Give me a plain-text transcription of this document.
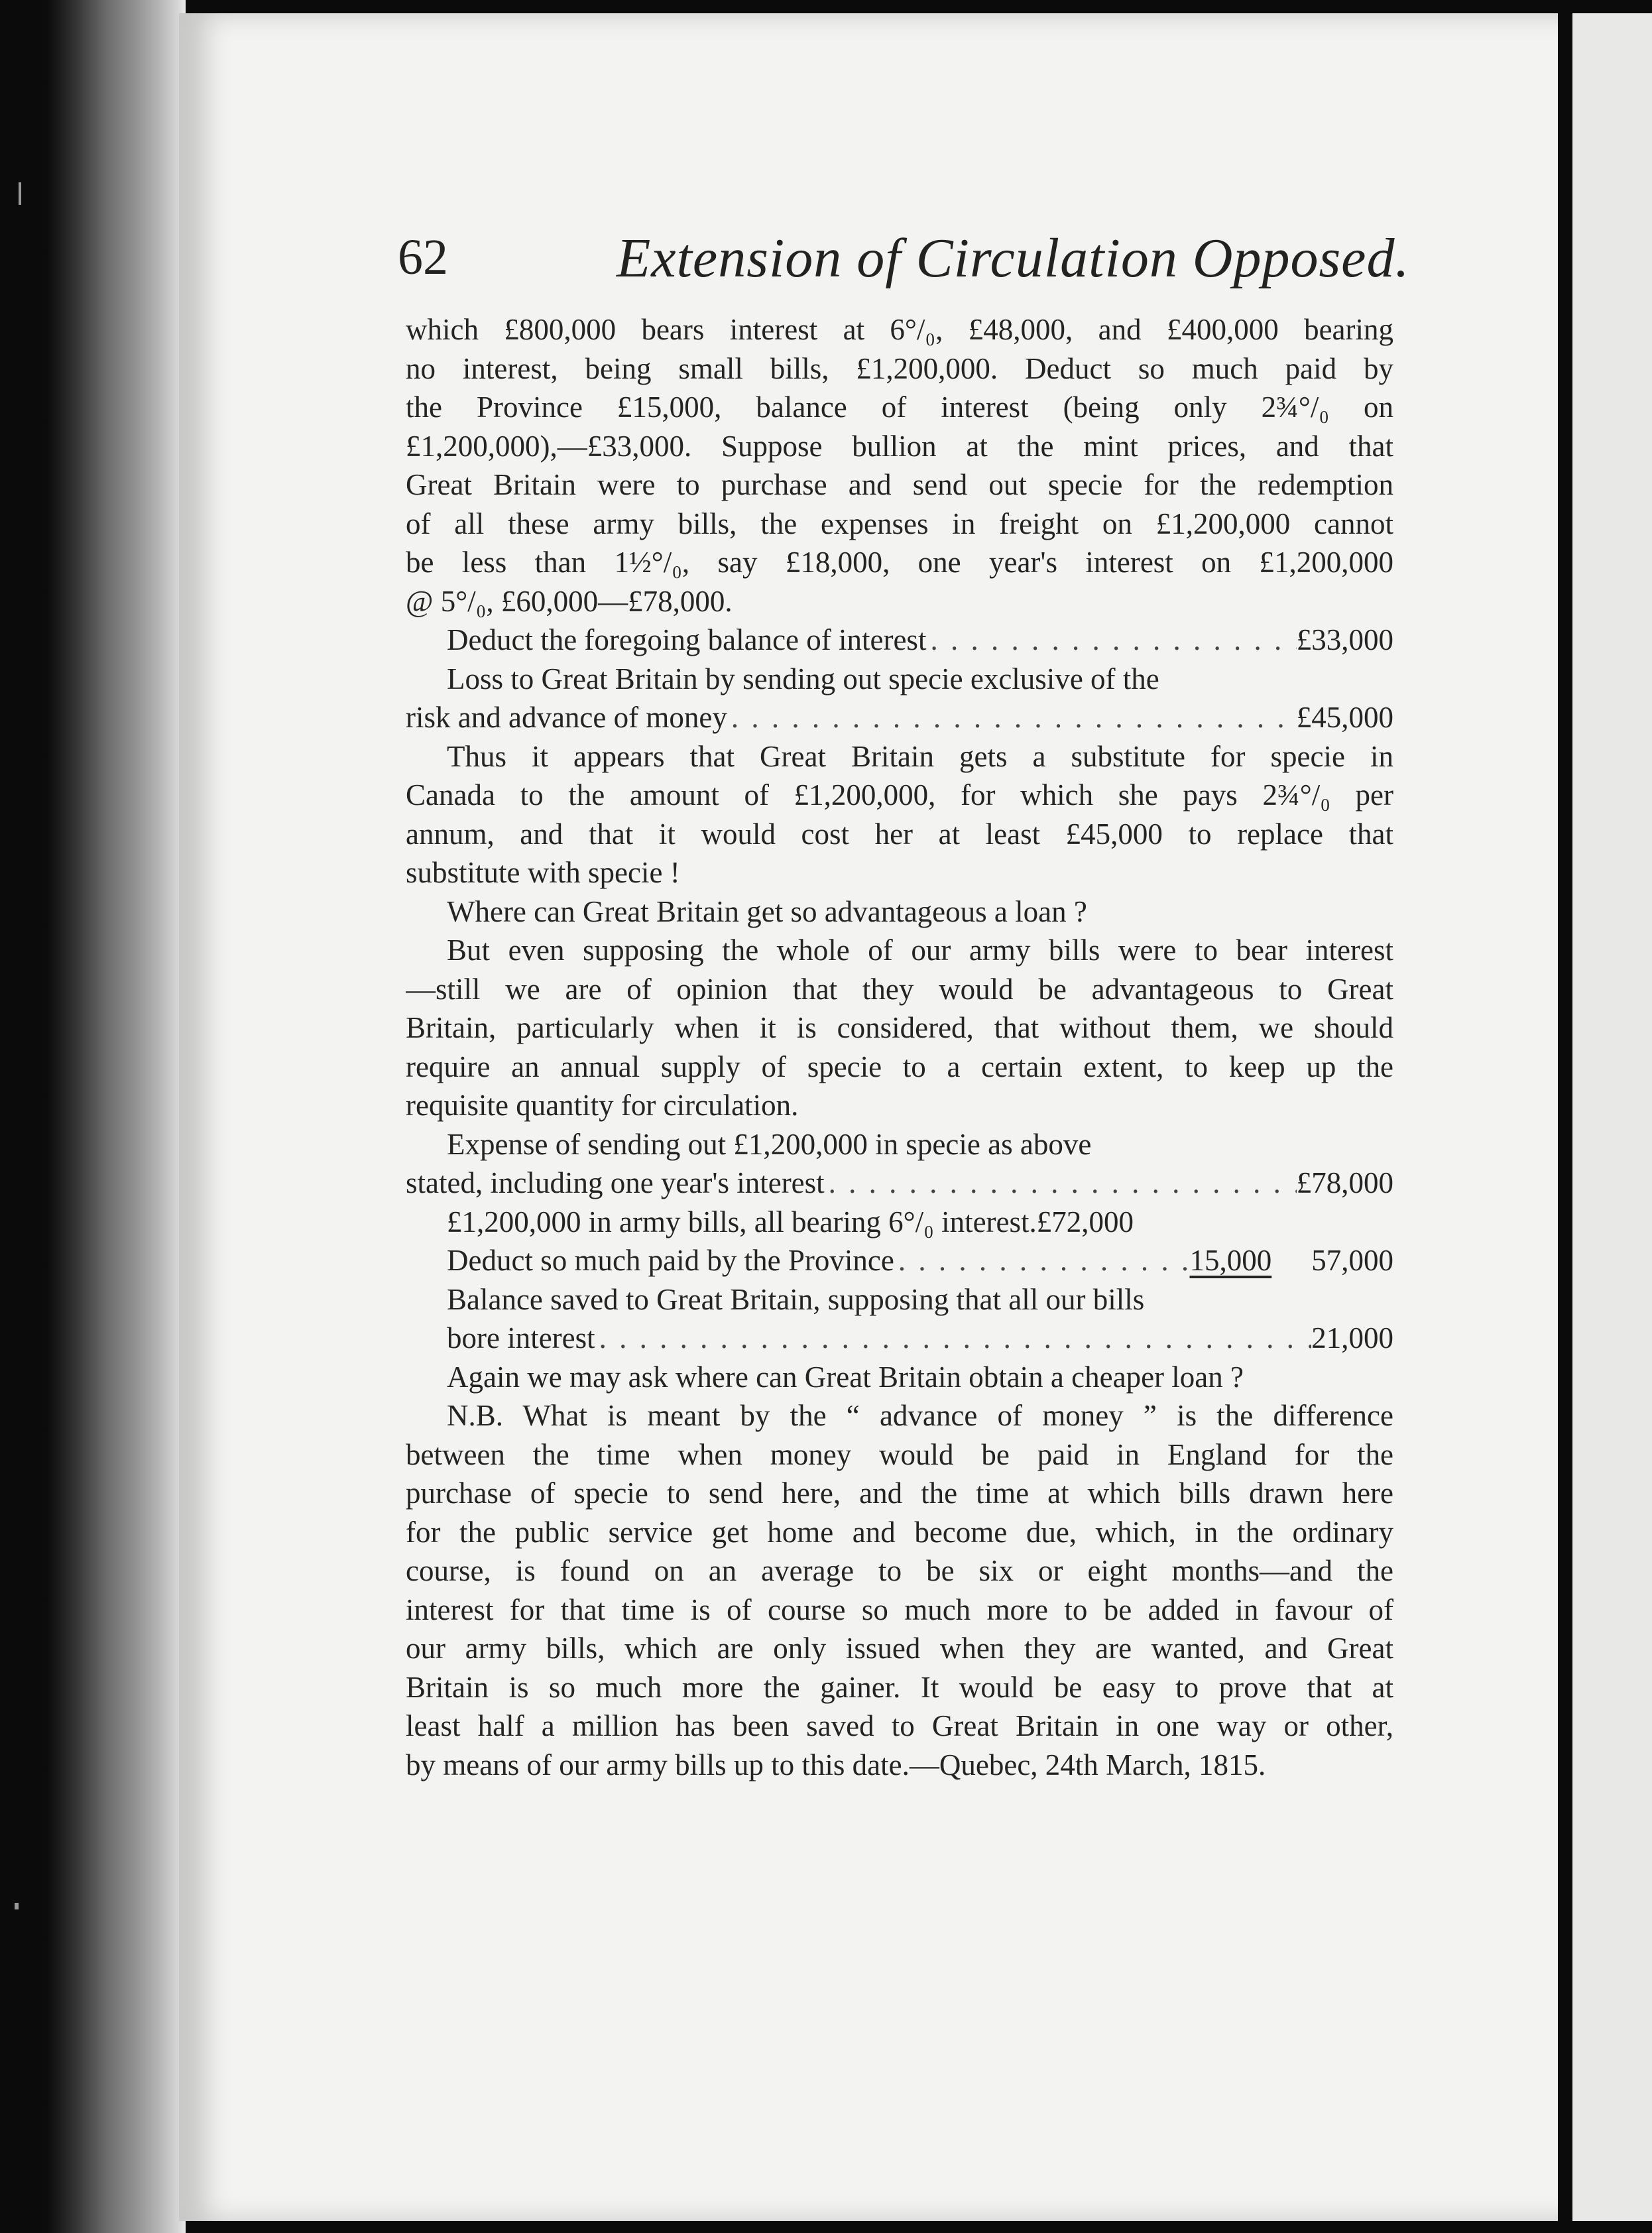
62	Extension of Circulation Opposed.
which £800,000 bears interest at 6°/₀, £48,000, and £400,000 bearing
no interest, being small bills, £1,200,000. Deduct so much paid by
the Province £15,000, balance of interest (being only 2¾°/₀ on
£1,200,000),—£33,000. Suppose bullion at the mint prices, and that
Great Britain were to purchase and send out specie for the redemption
of all these army bills, the expenses in freight on £1,200,000 cannot
be less than 1½°/₀, say £18,000, one year's interest on £1,200,000
@ 5°/₀, £60,000—£78,000.
Deduct the foregoing balance of interest . . .	£33,000
Loss to Great Britain by sending out specie exclusive of the
risk and advance of money . . .	£45,000
Thus it appears that Great Britain gets a substitute for specie in
Canada to the amount of £1,200,000, for which she pays 2¾°/₀ per
annum, and that it would cost her at least £45,000 to replace that
substitute with specie !
Where can Great Britain get so advantageous a loan ?
But even supposing the whole of our army bills were to bear interest
—still we are of opinion that they would be advantageous to Great
Britain, particularly when it is considered, that without them, we should
require an annual supply of specie to a certain extent, to keep up the
requisite quantity for circulation.
Expense of sending out £1,200,000 in specie as above
stated, including one year's interest . . .	£78,000
£1,200,000 in army bills, all bearing 6°/₀ interest. £72,000
Deduct so much paid by the Province . . .	15,000	57,000
Balance saved to Great Britain, supposing that all our bills
bore interest . . .	21,000
Again we may ask where can Great Britain obtain a cheaper loan ?
N.B. What is meant by the “ advance of money ” is the difference
between the time when money would be paid in England for the
purchase of specie to send here, and the time at which bills drawn here
for the public service get home and become due, which, in the ordinary
course, is found on an average to be six or eight months—and the
interest for that time is of course so much more to be added in favour of
our army bills, which are only issued when they are wanted, and Great
Britain is so much more the gainer. It would be easy to prove that at
least half a million has been saved to Great Britain in one way or other,
by means of our army bills up to this date.—Quebec, 24th March, 1815.
